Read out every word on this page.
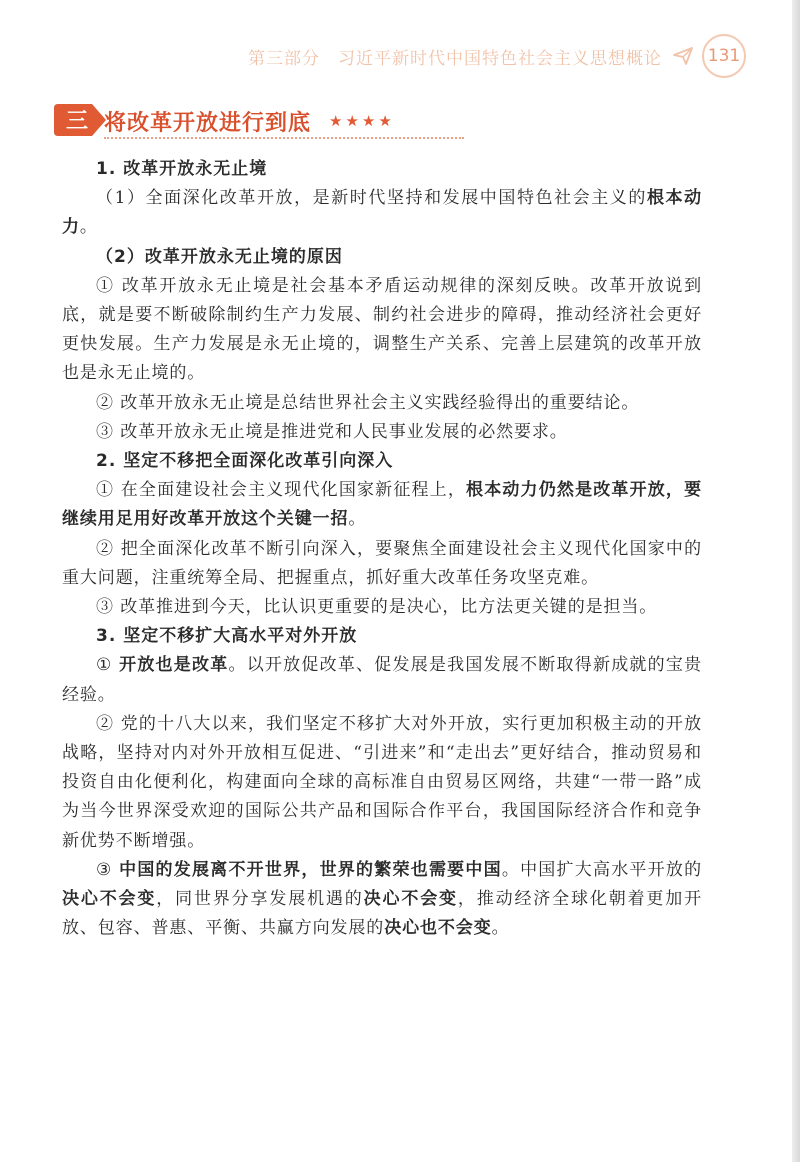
第三部分 习近平新时代中国特色社会主义思想概论	131
三 将改革开放进行到底 ★★★★

1. 改革开放永无止境

（1）全面深化改革开放，是新时代坚持和发展中国特色社会主义的根本动力。

（2）改革开放永无止境的原因

① 改革开放永无止境是社会基本矛盾运动规律的深刻反映。改革开放说到底，就是要不断破除制约生产力发展、制约社会进步的障碍，推动经济社会更好更快发展。生产力发展是永无止境的，调整生产关系、完善上层建筑的改革开放也是永无止境的。

② 改革开放永无止境是总结世界社会主义实践经验得出的重要结论。

③ 改革开放永无止境是推进党和人民事业发展的必然要求。

2. 坚定不移把全面深化改革引向深入

① 在全面建设社会主义现代化国家新征程上，根本动力仍然是改革开放，要继续用足用好改革开放这个关键一招。

② 把全面深化改革不断引向深入，要聚焦全面建设社会主义现代化国家中的重大问题，注重统筹全局、把握重点，抓好重大改革任务攻坚克难。

③ 改革推进到今天，比认识更重要的是决心，比方法更关键的是担当。

3. 坚定不移扩大高水平对外开放

① 开放也是改革。以开放促改革、促发展是我国发展不断取得新成就的宝贵经验。

② 党的十八大以来，我们坚定不移扩大对外开放，实行更加积极主动的开放战略，坚持对内对外开放相互促进、“引进来”和“走出去”更好结合，推动贸易和投资自由化便利化，构建面向全球的高标准自由贸易区网络，共建“一带一路”成为当今世界深受欢迎的国际公共产品和国际合作平台，我国国际经济合作和竞争新优势不断增强。

③ 中国的发展离不开世界，世界的繁荣也需要中国。中国扩大高水平开放的决心不会变，同世界分享发展机遇的决心不会变，推动经济全球化朝着更加开放、包容、普惠、平衡、共赢方向发展的决心也不会变。
